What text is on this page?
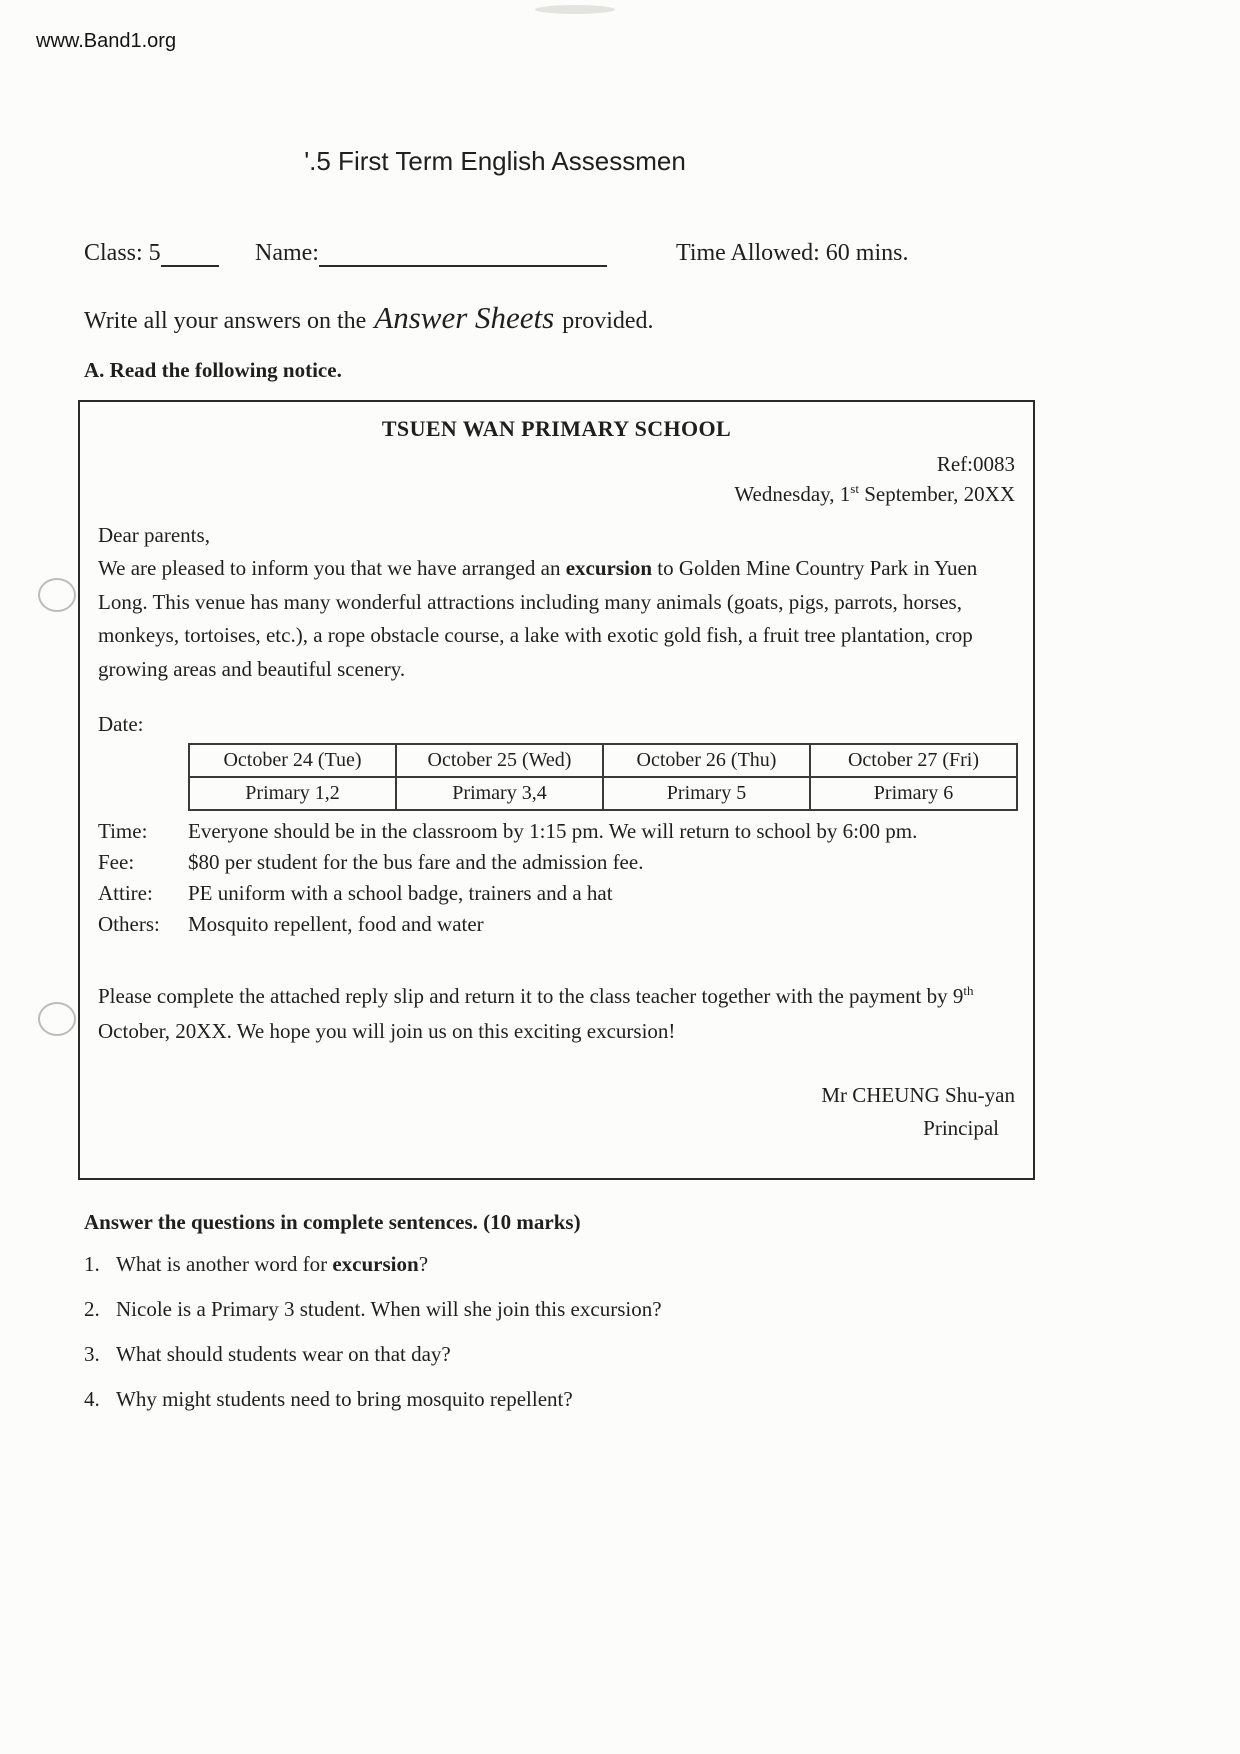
www.Band1.org
'.5 First Term English Assessmen
Class: 5	Name:	Time Allowed: 60 mins.
Write all your answers on the Answer Sheets provided.
A. Read the following notice.
TSUEN WAN PRIMARY SCHOOL
Ref:0083
Wednesday, 1st September, 20XX
Dear parents,

We are pleased to inform you that we have arranged an excursion to Golden Mine Country Park in Yuen Long. This venue has many wonderful attractions including many animals (goats, pigs, parrots, horses, monkeys, tortoises, etc.), a rope obstacle course, a lake with exotic gold fish, a fruit tree plantation, crop growing areas and beautiful scenery.

Date:
October 24 (Tue)	October 25 (Wed)	October 26 (Thu)	October 27 (Fri)
Primary 1,2	Primary 3,4	Primary 5	Primary 6
Time:	Everyone should be in the classroom by 1:15 pm. We will return to school by 6:00 pm.
Fee:	$80 per student for the bus fare and the admission fee.
Attire:	PE uniform with a school badge, trainers and a hat
Others:	Mosquito repellent, food and water

Please complete the attached reply slip and return it to the class teacher together with the payment by 9th October, 20XX. We hope you will join us on this exciting excursion!

Mr CHEUNG Shu-yan
Principal
Answer the questions in complete sentences. (10 marks)
1. What is another word for excursion?
2. Nicole is a Primary 3 student. When will she join this excursion?
3. What should students wear on that day?
4. Why might students need to bring mosquito repellent?
